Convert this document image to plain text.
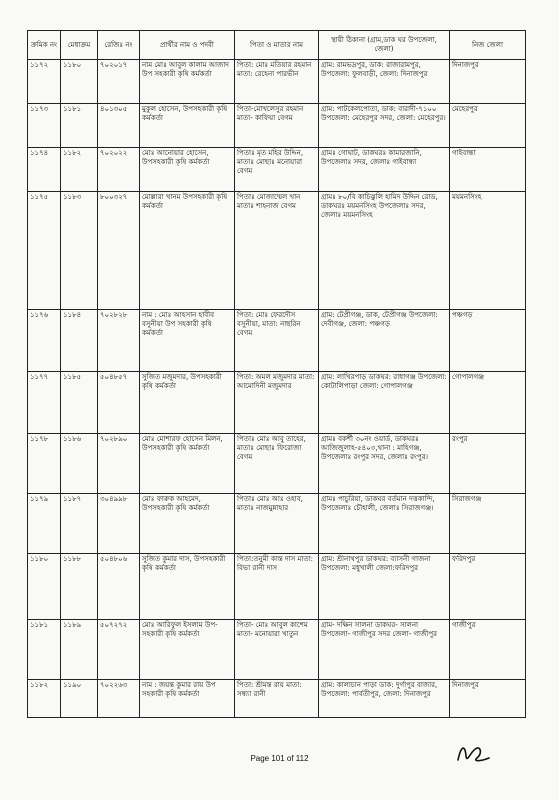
ক্রমিক নং	মেধাক্রম	রেজিঃ নং	প্রার্থীর নাম ও পদবী	পিতা ও মাতার নাম	স্থায়ী ঠিকানা (গ্রাম,ডাক ঘর উপজেলা, জেলা)	নিজ জেলা
১১৭২	১১৮০	৭০২০১৭	নাম মোঃ আবুল কালাম আজাদ উপ সহকারী কৃষি কর্মকর্তা	পিতা: মোঃ মতিয়ার রহমান মাতা: রেহেনা পারভীন	গ্রাম: রামভদ্রপুর, ডাক: রাজারামপুর, উপজেলা: ফুলবাড়ী, জেলা: দিনাজপুর	দিনাজপুর
১১৭৩	১১৮১	৪০১৩০৫	মুকুল হোসেন, উপসহকারী কৃষি কর্মকর্তা	পিতা-মোখলেসুর রহমান মাতা- কাফিয়া বেগম	গ্রাম: পাটকেলপোতা, ডাক: বারাদী-৭১০০ উপজেলা: মেহেরপুর সদর, জেলা: মেহেরপুর।	মেহেরপুর
১১৭৪	১১৮২	৭০২০২২	মোঃ আনোয়ার হোসেন, উপসহকারী কৃষি কর্মকর্তা	পিতাঃ মৃত মহির উদ্দিন, মাতাঃ মোছাঃ মনোয়ারা বেগম	গ্রামঃ গোঘাট, ডাকঘরঃ কামারজানি, উপজেলাঃ সদর, জেলাঃ গাইবান্ধা	গাইবান্ধা
১১৭৫	১১৮৩	৮০০৩২৭	মোল্লারা খানম উপসহকারী কৃষি কর্মকর্তা	পিতাঃ মোজাম্মেল খান মাতাঃ শাহনাজ বেগম	গ্রামঃ ৮০/বি কাচিঝুলি হামিদ উদ্দিন রোড, ডাকঘরঃ ময়মনসিংহ উপজেলাঃ সদর, জেলাঃ ময়মনসিংহ	ময়মনসিংহ
১১৭৬	১১৮৪	৭০২৮২৮	নাম : মোঃ আহসান হাবীব বসুনীয়া উপ সহকারী কৃষি কর্মকর্তা	পিতা: মোঃ ফেরদৌস বসুনীয়া, মাতা: নাছরিন বেগম	গ্রাম: টেপ্রীগঞ্জ, ডাক, টেপ্রীগঞ্জ উপজেলা: দেবীগঞ্জ, জেলা: পঞ্চগড়	পঞ্চগড়
১১৭৭	১১৮৫	৫০৪৮৫৭	সুজিত মজুমদার, উপসহকারী কৃষি কর্মকর্তা	পিতা: অমল মজুমদার মাতা: আমোদিনী মজুমদার	গ্রাম: লাখিরপাড় ডাকঘর: রাধাগঞ্জ উপজেলা: কোটালিপাড়া জেলা: গোপালগঞ্জ	গোপালগঞ্জ
১১৭৮	১১৮৬	৭০২৮৯০	মোঃ মোশারফ হোসেন মিলন, উপসহকারী কৃষি কর্মকর্তা	পিতাঃ মোঃ আবু তাহের, মাতাঃ মোছাঃ ফিরোজা বেগম	গ্রামঃ বকর্শী ৩০নং ওয়ার্ড, ডাকঘরঃ আজিজুলাহ-৫৪০৩,থানা : মাহিগঞ্জ, উপজেলাঃ রংপুর সদর, জেলাঃ রংপুর।	রংপুর
১১৭৯	১১৮৭	৩০৪৯৯৮	মোঃ ফারুক আহমেদ, উপসহকারী কৃষি কর্মকর্তা	পিতাঃ মোঃ আঃ ওহাব, মাতাঃ নাজমুন্নাহার	গ্রামঃ পাচুরিয়া, ডাকঘর বর্তমান দত্তকান্দি, উপজেলাঃ চৌহালী, জেলাঃ সিরাজগঞ্জ।	সিরাজগঞ্জ
১১৮০	১১৮৮	৫০৪৮০৬	সুজিত কুমার দাস, উপসহকারী কৃষি কর্মকর্তা	পিতা:তনুমী কান্ত দাস মাতা: বিভা রানী দাস	গ্রাম: শ্রীনাথপুর ডাকঘর: ব্যাসনী গাজনা উপজেলা: মধুখালী জেলা:ফরিদপুর	ফরিদপুর
১১৮১	১১৮৯	৫০৭২৭২	মোঃ আরিফুল ইসলাম উপ-সহকারী কৃষি কর্মকর্তা	পিতা- মোঃ আবুল কাশেম মাতা- মনোয়ারা খাতুন	গ্রাম- দক্ষিন সালনা ডাকঘর- সালনা উপজেলা- গাজীপুর সদর জেলা- গাজীপুর	গাজীপুর
১১৮২	১১৯০	৭০২২৬৩	নাম : জয়ন্ত কুমার রায় উপ সহকারী কৃষি কর্মকর্তা	পিতা: শ্রীমন্ত রায় মাতা: সন্ধ্যা রানী	গ্রাম: কালাচান পাড়া ডাক: দুর্গাপুর বাজার, উপজেলা: পার্বতীপুর, জেলা: দিনাজপুর	দিনাজপুর
Page 101 of 112
